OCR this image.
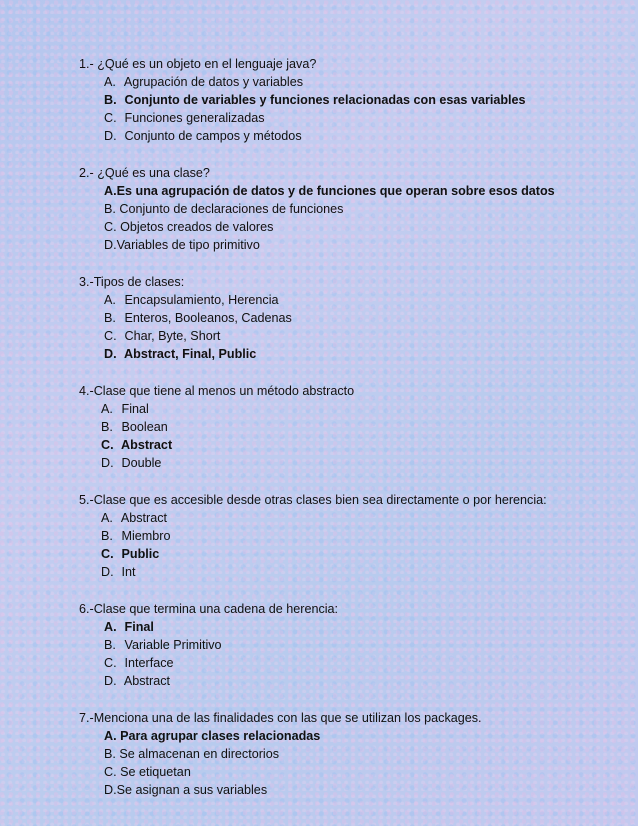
1.- ¿Qué es un objeto en el lenguaje java?
A. Agrupación de datos y variables
B. Conjunto de variables y funciones relacionadas con esas variables
C. Funciones generalizadas
D. Conjunto de campos y métodos
2.- ¿Qué es una clase?
A.Es una agrupación de datos y de funciones que operan sobre esos datos
B. Conjunto de declaraciones de funciones
C. Objetos creados de valores
D.Variables de tipo primitivo
3.-Tipos de clases:
A. Encapsulamiento, Herencia
B. Enteros, Booleanos, Cadenas
C. Char, Byte, Short
D. Abstract, Final, Public
4.-Clase que tiene al menos un método abstracto
A. Final
B. Boolean
C. Abstract
D. Double
5.-Clase que es accesible desde otras clases bien sea directamente o por herencia:
A. Abstract
B. Miembro
C. Public
D. Int
6.-Clase que termina una cadena de herencia:
A. Final
B. Variable Primitivo
C. Interface
D. Abstract
7.-Menciona una de las finalidades con las que se utilizan los packages.
A. Para agrupar clases relacionadas
B. Se almacenan en directorios
C. Se etiquetan
D.Se asignan a sus variables
